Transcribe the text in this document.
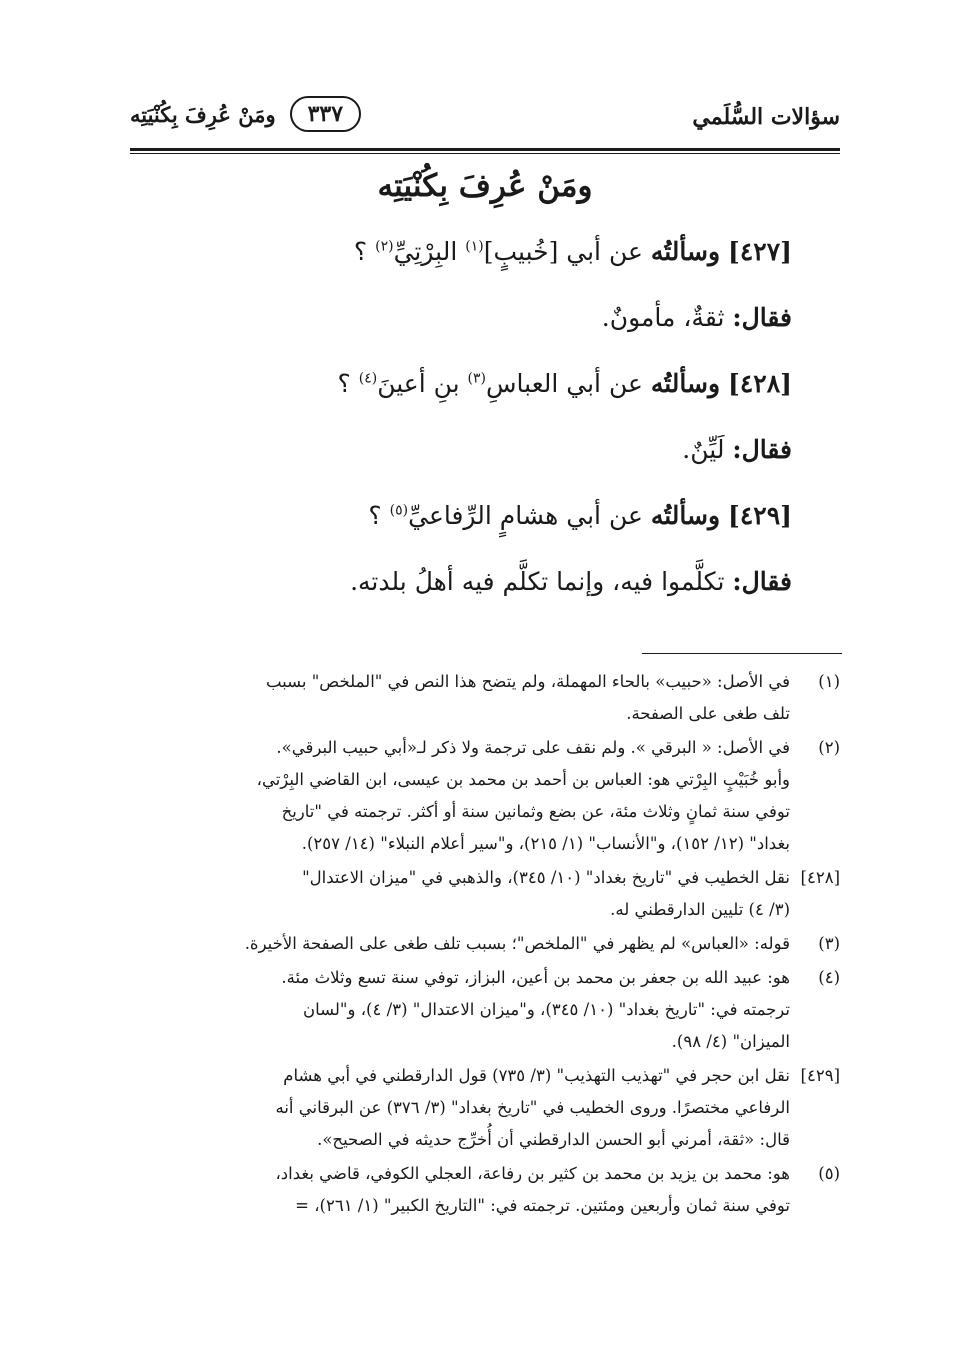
سؤالات السُّلَمي
ومَنْ عُرِفَ بِكُنْيَتِه	٣٣٧
ومَنْ عُرِفَ بِكُنْيَتِه
[٤٢٧] وسألتُه عن أبي [خُبيبٍ]$^{(١)}$ البِرْتِيِّ$^{(٢)}$ ؟
فقال: ثقةٌ، مأمونٌ.
[٤٢٨] وسألتُه عن أبي العباسِ$^{(٣)}$ بنِ أعينَ$^{(٤)}$ ؟
فقال: لَيِّنٌ.
[٤٢٩] وسألتُه عن أبي هشامٍ الرِّفاعيِّ$^{(٥)}$ ؟
فقال: تكلَّموا فيه، وإنما تكلَّم فيه أهلُ بلدته.
(١)

في الأصل: «حبيب» بالحاء المهملة، ولم يتضح هذا النص في "الملخص" بسبب

تلف طغى على الصفحة.

(٢)

في الأصل: « البرقي ». ولم نقف على ترجمة ولا ذكر لـ«أبي حبيب البرقي».

وأبو خُبَيْبٍ البِرْتي هو: العباس بن أحمد بن محمد بن عيسى، ابن القاضي البِرْتي،

توفي سنة ثمانٍ وثلاث مئة، عن بضع وثمانين سنة أو أكثر. ترجمته في "تاريخ

بغداد" (١٢/ ١٥٢)، و"الأنساب" (١/ ٢١٥)، و"سير أعلام النبلاء" (١٤/ ٢٥٧).

[٤٢٨]

نقل الخطيب في "تاريخ بغداد" (١٠/ ٣٤٥)، والذهبي في "ميزان الاعتدال"

(٣/ ٤) تليين الدارقطني له.

(٣)

قوله: «العباس» لم يظهر في "الملخص"؛ بسبب تلف طغى على الصفحة الأخيرة.

(٤)

هو: عبيد الله بن جعفر بن محمد بن أعين، البزاز، توفي سنة تسع وثلاث مئة.

ترجمته في: "تاريخ بغداد" (١٠/ ٣٤٥)، و"ميزان الاعتدال" (٣/ ٤)، و"لسان

الميزان" (٤/ ٩٨).

[٤٢٩]

نقل ابن حجر في "تهذيب التهذيب" (٣/ ٧٣٥) قول الدارقطني في أبي هشام

الرفاعي مختصرًا. وروى الخطيب في "تاريخ بغداد" (٣/ ٣٧٦) عن البرقاني أنه

قال: «ثقة، أمرني أبو الحسن الدارقطني أن أُخرِّج حديثه في الصحيح».

(٥)

هو: محمد بن يزيد بن محمد بن كثير بن رفاعة، العجلي الكوفي، قاضي بغداد،

توفي سنة ثمان وأربعين ومئتين. ترجمته في: "التاريخ الكبير" (١/ ٢٦١)، =
